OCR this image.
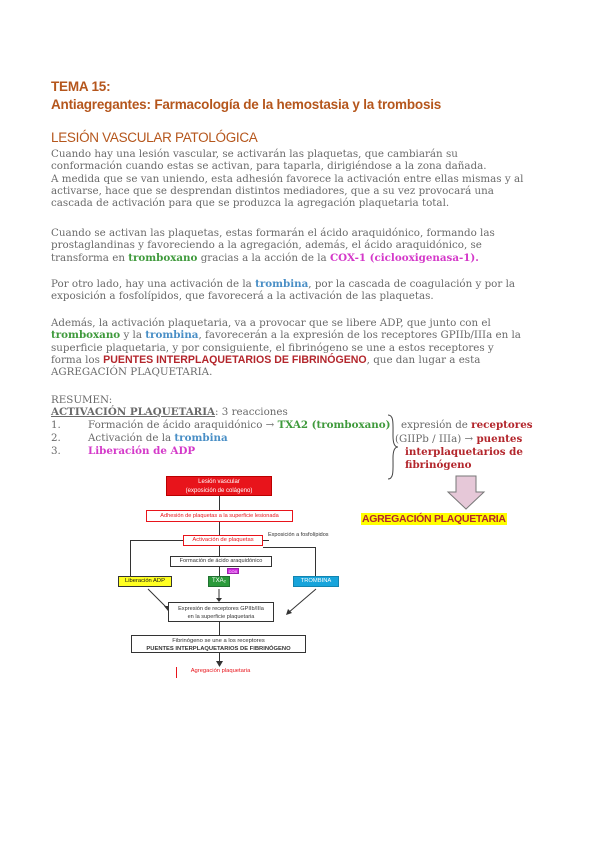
TEMA 15:
Antiagregantes: Farmacología de la hemostasia y la trombosis
LESIÓN VASCULAR PATOLÓGICA

Cuando hay una lesión vascular, se activarán las plaquetas, que cambiarán su
conformación cuando estas se activan, para taparla, dirigiéndose a la zona dañada.
A medida que se van uniendo, esta adhesión favorece la activación entre ellas mismas y al
activarse, hace que se desprendan distintos mediadores, que a su vez provocará una
cascada de activación para que se produzca la agregación plaquetaria total.

Cuando se activan las plaquetas, estas formarán el ácido araquidónico, formando las
prostaglandinas y favoreciendo a la agregación, además, el ácido araquidónico, se
transforma en tromboxano gracias a la acción de la COX-1 (ciclooxigenasa-1).

Por otro lado, hay una activación de la trombina, por la cascada de coagulación y por la
exposición a fosfolípidos, que favorecerá a la activación de las plaquetas.

Además, la activación plaquetaria, va a provocar que se libere ADP, que junto con el
tromboxano y la trombina, favorecerán a la expresión de los receptores GPIIb/IIIa en la
superficie plaquetaria, y por consiguiente, el fibrinógeno se une a estos receptores y
forma los PUENTES INTERPLAQUETARIOS DE FIBRINÓGENO, que dan lugar a esta
AGREGACIÓN PLAQUETARIA.

RESUMEN:
ACTIVACIÓN PLAQUETARIA: 3 reacciones
1.	Formación de ácido araquidónico → TXA2 (tromboxano)
2.	Activación de la trombina
3.	Liberación de ADP
expresión de receptores
(GIIPb / IIIa) → puentes
interplaquetarios de
fibrinógeno
AGREGACIÓN PLAQUETARIA
Lesión vascular
(exposición de colágeno)
Adhesión de plaquetas a la superficie lesionada
Activación de plaquetas
Exposición a fosfolípidos
Formación de ácido araquidónico
COX
Liberación ADP	TXA₂	TROMBINA
Expresión de receptores GPIIb/IIIa
en la superficie plaquetaria
Fibrinógeno se une a los receptores
PUENTES INTERPLAQUETARIOS DE FIBRINÓGENO
Agregación plaquetaria
